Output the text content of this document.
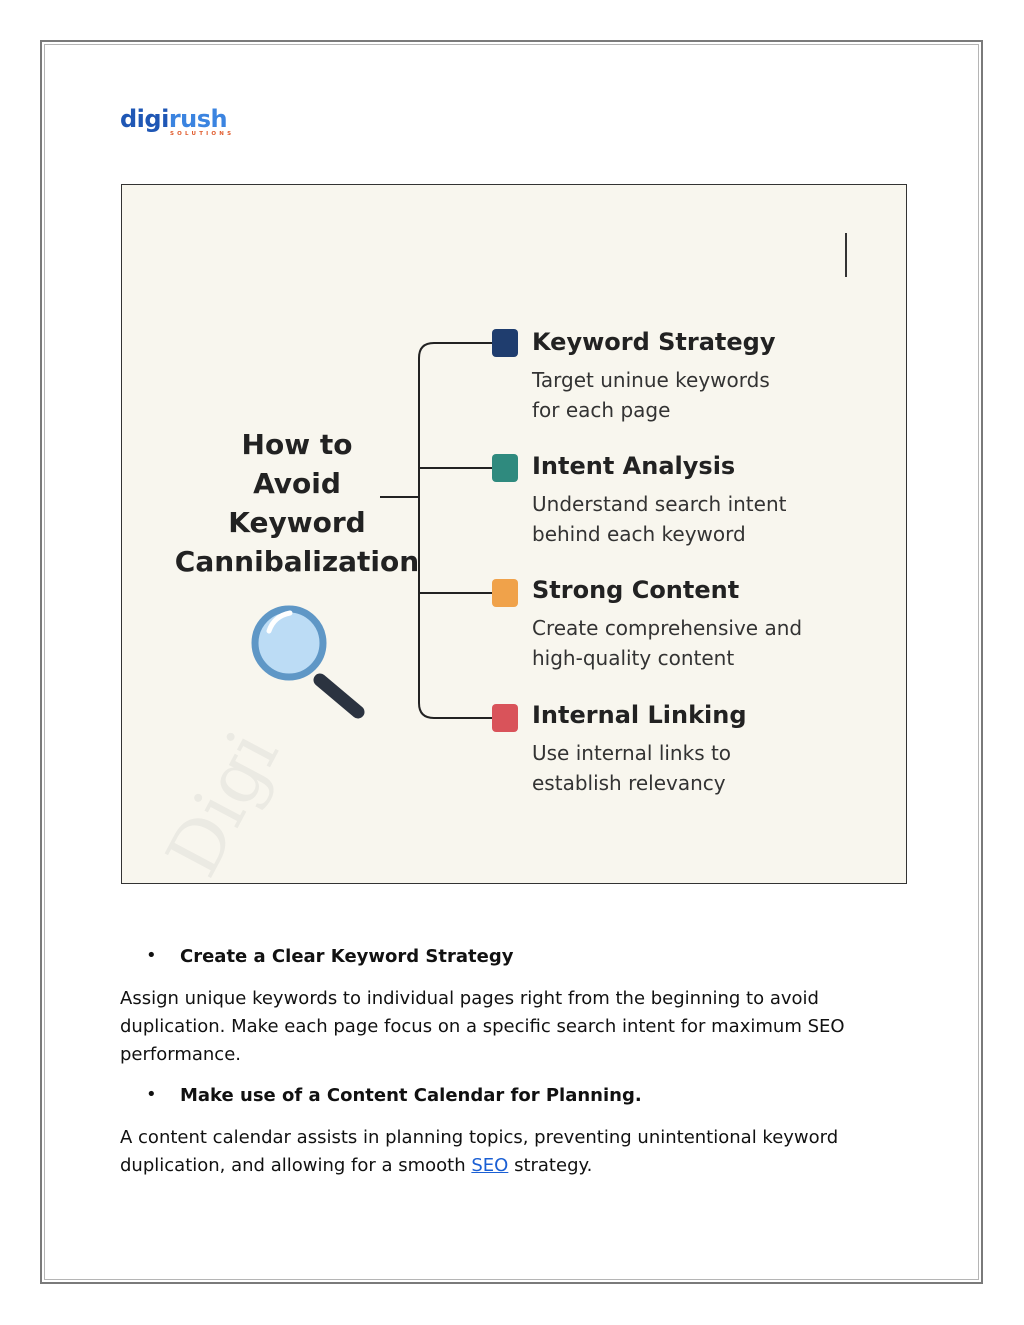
digirush
SOLUTIONS
How to
Avoid
Keyword
Cannibalization
Keyword Strategy
Target uninue keywords
for each page
Intent Analysis
Understand search intent
behind each keyword
Strong Content
Create comprehensive and
high-quality content
Internal Linking
Use internal links to
establish relevancy
• Create a Clear Keyword Strategy
Assign unique keywords to individual pages right from the beginning to avoid
duplication. Make each page focus on a specific search intent for maximum SEO
performance.
• Make use of a Content Calendar for Planning.
A content calendar assists in planning topics, preventing unintentional keyword
duplication, and allowing for a smooth SEO strategy.
